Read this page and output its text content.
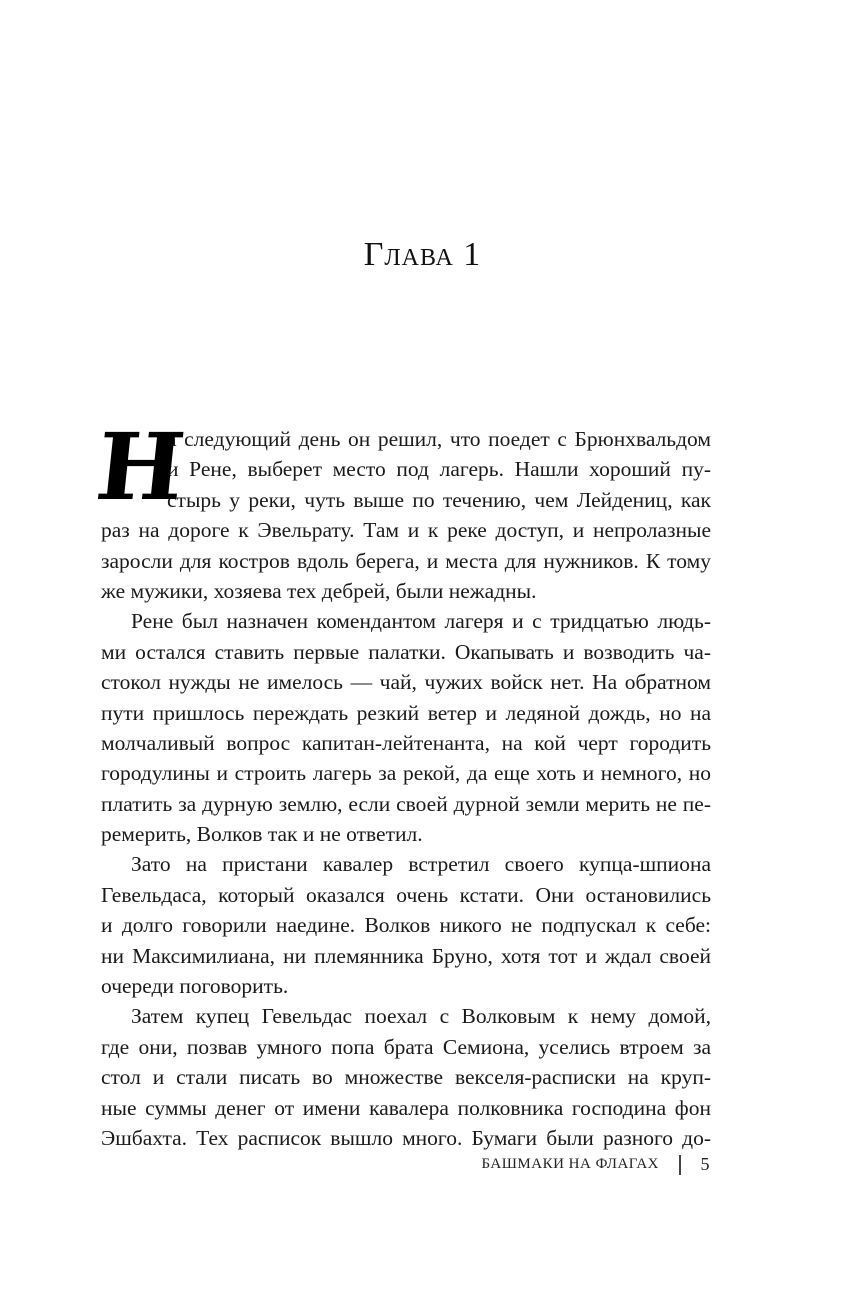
Глава 1
Н
а следующий день он решил, что поедет с Брюнхвальдом
и Рене, выберет место под лагерь. Нашли хороший пу-
стырь у реки, чуть выше по течению, чем Лейдениц, как
раз на дороге к Эвельрату. Там и к реке доступ, и непролазные
заросли для костров вдоль берега, и места для нужников. К тому
же мужики, хозяева тех дебрей, были нежадны.
Рене был назначен комендантом лагеря и с тридцатью людь-
ми остался ставить первые палатки. Окапывать и возводить ча-
стокол нужды не имелось — чай, чужих войск нет. На обратном
пути пришлось переждать резкий ветер и ледяной дождь, но на
молчаливый вопрос капитан-лейтенанта, на кой черт городить
городулины и строить лагерь за рекой, да еще хоть и немного, но
платить за дурную землю, если своей дурной земли мерить не пе-
ремерить, Волков так и не ответил.
Зато на пристани кавалер встретил своего купца-шпиона
Гевельдаса, который оказался очень кстати. Они остановились
и долго говорили наедине. Волков никого не подпускал к себе:
ни Максимилиана, ни племянника Бруно, хотя тот и ждал своей
очереди поговорить.
Затем купец Гевельдас поехал с Волковым к нему домой,
где они, позвав умного попа брата Семиона, уселись втроем за
стол и стали писать во множестве векселя-расписки на круп-
ные суммы денег от имени кавалера полковника господина фон
Эшбахта. Тех расписок вышло много. Бумаги были разного до-
БАШМАКИ НА ФЛАГАХ 5
